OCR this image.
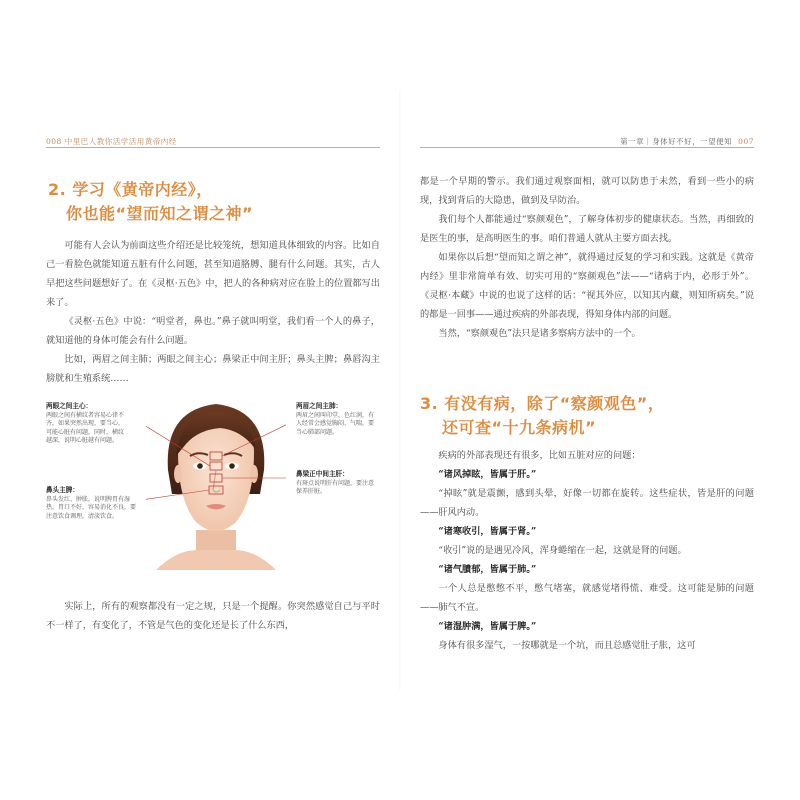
008 中里巴人教你活学活用黄帝内经
2. 学习《黄帝内经》，
你也能“望而知之谓之神”

可能有人会认为前面这些介绍还是比较笼统，想知道具体细致的内容。比如自己一看脸色就能知道五脏有什么问题，甚至知道胳膊、腿有什么问题。其实，古人早把这些问题想好了。在《灵枢·五色》中，把人的各种病对应在脸上的位置都写出来了。

《灵枢·五色》中说：“明堂者，鼻也。”鼻子就叫明堂，我们看一个人的鼻子，就知道他的身体可能会有什么问题。

比如，两眉之间主肺；两眼之间主心；鼻梁正中间主肝；鼻头主脾；鼻唇沟主膀胱和生殖系统……

两眼之间主心：
两眼之间有横纹者容易心律不齐，如果突然出现，要当心，可能心脏有问题，同时，横纹越深，说明心脏越有问题。
鼻头主脾：
鼻头发红、肿胀，说明脾胃有湿热，胃口不好，容易消化不良，要注意饮食调理，清淡饮食。
两眉之间主肺：
两眉之间叫印堂，色红润，有人经常会感觉胸闷、气喘，要当心肺部问题。
鼻梁正中间主肝：
有斑点说明肝有问题，要注意保养肝脏。

实际上，所有的观察都没有一定之规，只是一个提醒。你突然感觉自己与平时不一样了，有变化了，不管是气色的变化还是长了什么东西，

第一章｜身体好不好，一望便知 007

都是一个早期的警示。我们通过观察面相，就可以防患于未然，看到一些小的病现，找到背后的大隐患，做到及早防治。

我们每个人都能通过“察颜观色”，了解身体初步的健康状态。当然，再细致的是医生的事，是高明医生的事。咱们普通人就从主要方面去找。

如果你以后想“望而知之谓之神”，就得通过反复的学习和实践。这就是《黄帝内经》里非常简单有效、切实可用的“察颜观色”法——“诸病于内，必形于外”。《灵枢·本藏》中说的也说了这样的话：“视其外应，以知其内藏，则知所病矣。”说的都是一回事——通过疾病的外部表现，得知身体内部的问题。

当然，“察颜观色”法只是诸多察病方法中的一个。

3. 有没有病，除了“察颜观色”，
还可查“十九条病机”

疾病的外部表现还有很多，比如五脏对应的问题：

“诸风掉眩，皆属于肝。”

“掉眩”就是震颤，感到头晕，好像一切都在旋转。这些症状，皆是肝的问题——肝风内动。

“诸寒收引，皆属于肾。”

“收引”说的是遇见冷风，浑身蜷缩在一起，这就是肾的问题。

“诸气膹郁，皆属于肺。”

一个人总是憋憋不平，憋气堵塞，就感觉堵得慌、难受。这可能是肺的问题——肺气不宣。

“诸湿肿满，皆属于脾。”

身体有很多湿气，一按哪就是一个坑，而且总感觉肚子胀，这可
